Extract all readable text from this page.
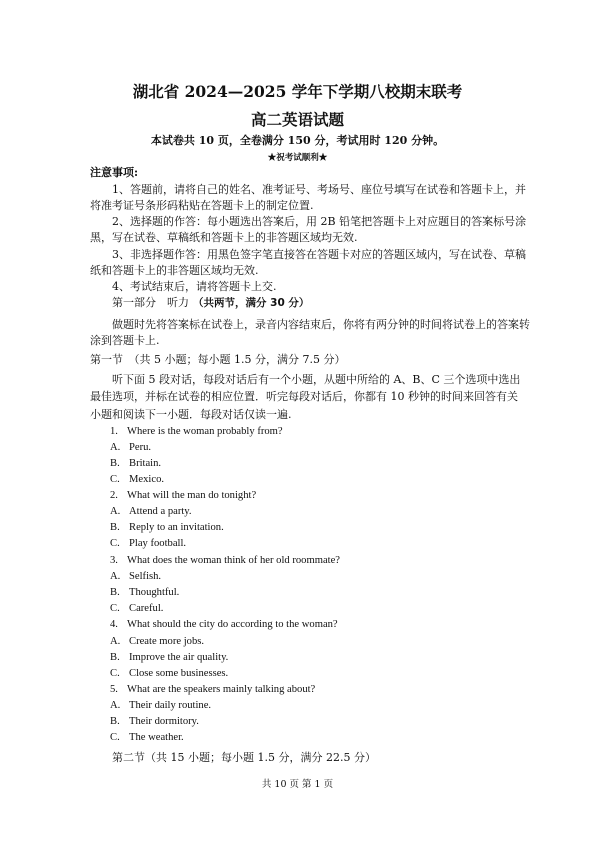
湖北省 2024—2025 学年下学期八校期末联考
高二英语试题
本试卷共 10 页，全卷满分 150 分，考试用时 120 分钟。
★祝考试顺利★
注意事项:
1、答题前，请将自己的姓名、准考证号、考场号、座位号填写在试卷和答题卡上，并
将准考证号条形码粘贴在答题卡上的制定位置.
2、选择题的作答：每小题选出答案后，用 2B 铅笔把答题卡上对应题目的答案标号涂
黑，写在试卷、草稿纸和答题卡上的非答题区域均无效.
3、非选择题作答：用黑色签字笔直接答在答题卡对应的答题区域内，写在试卷、草稿
纸和答题卡上的非答题区域均无效.
4、考试结束后，请将答题卡上交.
第一部分　听力 （共两节，满分 30 分）
做题时先将答案标在试卷上，录音内容结束后，你将有两分钟的时间将试卷上的答案转
涂到答题卡上.
第一节　（共 5 小题；每小题 1.5 分，满分 7.5 分）
听下面 5 段对话，每段对话后有一个小题，从题中所给的 A、B、C 三个选项中选出
最佳选项，并标在试卷的相应位置．听完每段对话后，你都有 10 秒钟的时间来回答有关
小题和阅读下一小题．每段对话仅读一遍.
1. Where is the woman probably from?
A. Peru.
B. Britain.
C. Mexico.
2. What will the man do tonight?
A. Attend a party.
B. Reply to an invitation.
C. Play football.
3. What does the woman think of her old roommate?
A. Selfish.
B. Thoughtful.
C. Careful.
4. What should the city do according to the woman?
A. Create more jobs.
B. Improve the air quality.
C. Close some businesses.
5. What are the speakers mainly talking about?
A. Their daily routine.
B. Their dormitory.
C. The weather.
第二节（共 15 小题；每小题 1.5 分，满分 22.5 分）
共 10 页 第 1 页
